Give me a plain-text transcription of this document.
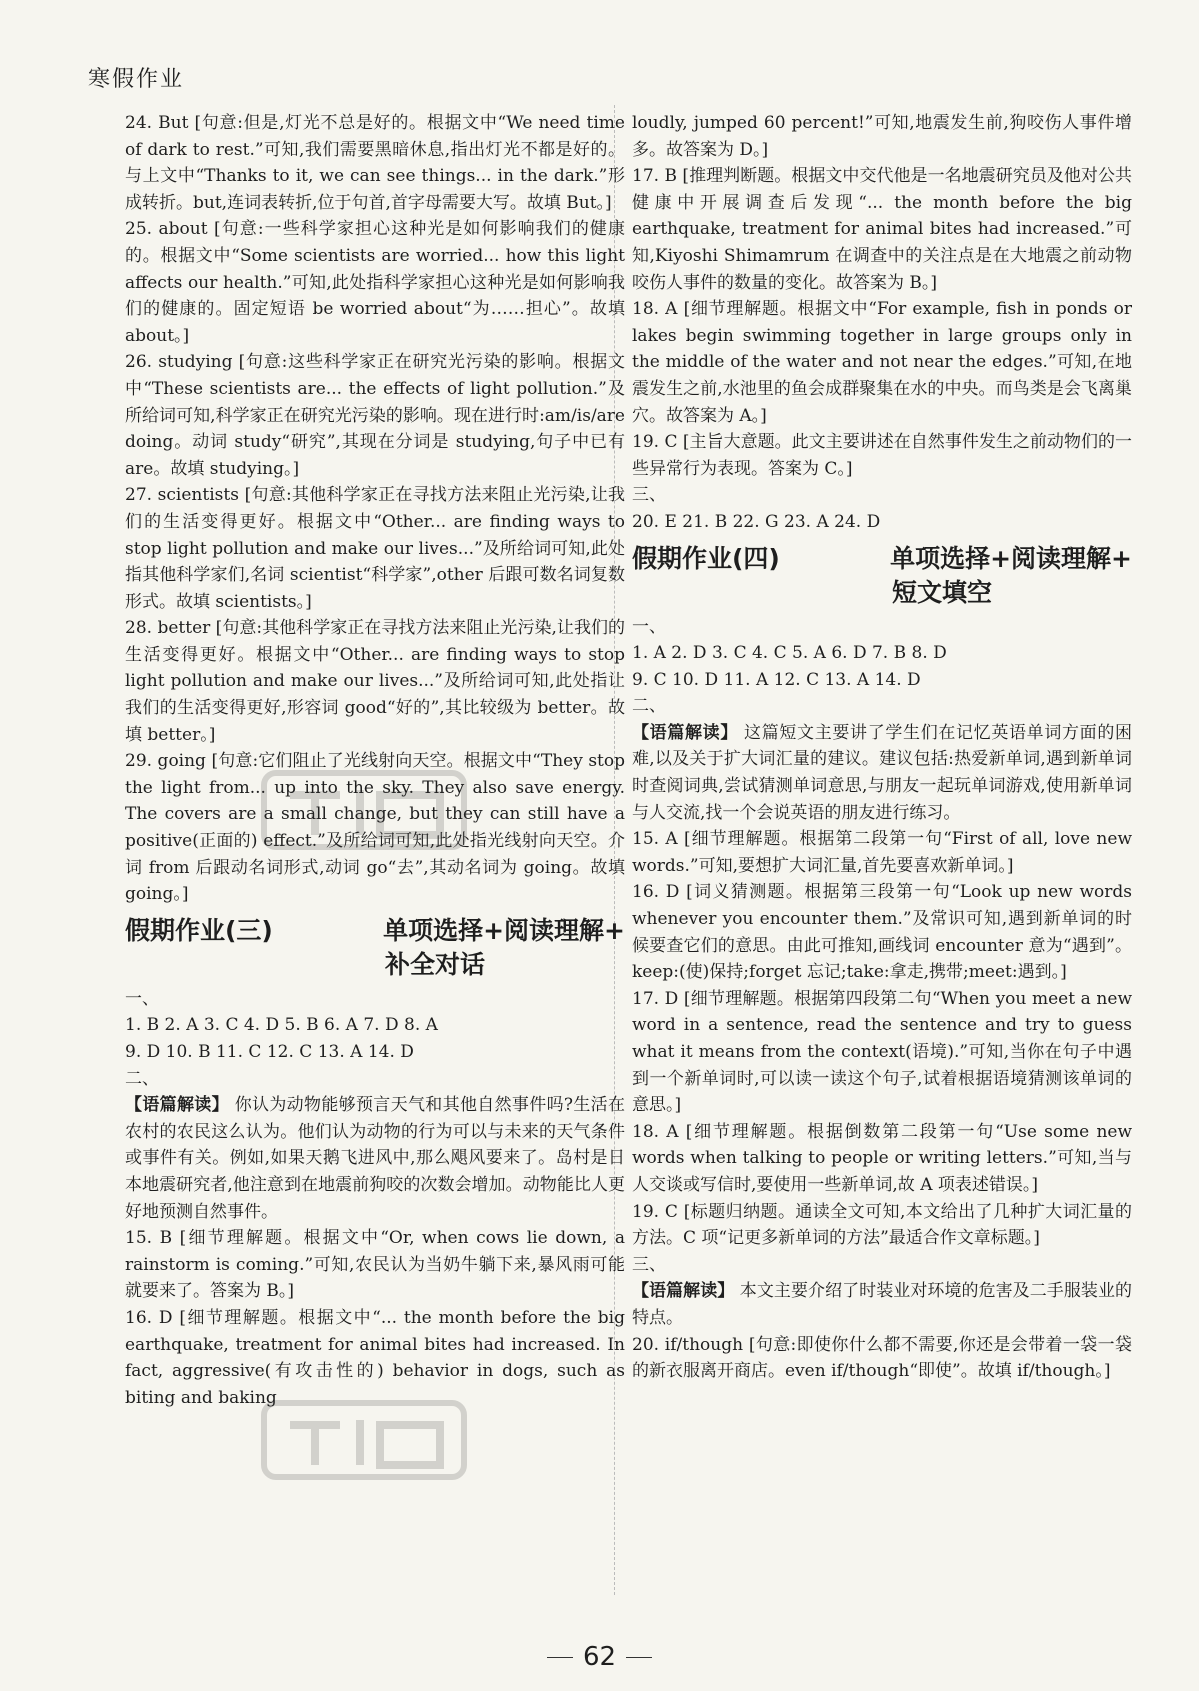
寒假作业

24. But [句意:但是,灯光不总是好的。根据文中“We need time of dark to rest.”可知,我们需要黑暗休息,指出灯光不都是好的。与上文中“Thanks to it, we can see things... in the dark.”形成转折。but,连词表转折,位于句首,首字母需要大写。故填 But。]

25. about [句意:一些科学家担心这种光是如何影响我们的健康的。根据文中“Some scientists are worried... how this light affects our health.”可知,此处指科学家担心这种光是如何影响我们的健康的。固定短语 be worried about“为……担心”。故填 about。]

26. studying [句意:这些科学家正在研究光污染的影响。根据文中“These scientists are... the effects of light pollution.”及所给词可知,科学家正在研究光污染的影响。现在进行时:am/is/are doing。动词 study“研究”,其现在分词是 studying,句子中已有 are。故填 studying。]

27. scientists [句意:其他科学家正在寻找方法来阻止光污染,让我们的生活变得更好。根据文中“Other... are finding ways to stop light pollution and make our lives...”及所给词可知,此处指其他科学家们,名词 scientist“科学家”,other 后跟可数名词复数形式。故填 scientists。]

28. better [句意:其他科学家正在寻找方法来阻止光污染,让我们的生活变得更好。根据文中“Other... are finding ways to stop light pollution and make our lives...”及所给词可知,此处指让我们的生活变得更好,形容词 good“好的”,其比较级为 better。故填 better。]

29. going [句意:它们阻止了光线射向天空。根据文中“They stop the light from... up into the sky. They also save energy. The covers are a small change, but they can still have a positive(正面的) effect.”及所给词可知,此处指光线射向天空。介词 from 后跟动名词形式,动词 go“去”,其动名词为 going。故填 going。]

假期作业(三)	单项选择+阅读理解+
补全对话

一、

1. B 2. A 3. C 4. D 5. B 6. A 7. D 8. A

9. D 10. B 11. C 12. C 13. A 14. D

二、

【语篇解读】 你认为动物能够预言天气和其他自然事件吗?生活在农村的农民这么认为。他们认为动物的行为可以与未来的天气条件或事件有关。例如,如果天鹅飞进风中,那么飓风要来了。岛村是日本地震研究者,他注意到在地震前狗咬的次数会增加。动物能比人更好地预测自然事件。

15. B [细节理解题。根据文中“Or, when cows lie down, a rainstorm is coming.”可知,农民认为当奶牛躺下来,暴风雨可能就要来了。答案为 B。]

16. D [细节理解题。根据文中“... the month before the big earthquake, treatment for animal bites had increased. In fact, aggressive(有攻击性的) behavior in dogs, such as biting and baking

loudly, jumped 60 percent!”可知,地震发生前,狗咬伤人事件增多。故答案为 D。]

17. B [推理判断题。根据文中交代他是一名地震研究员及他对公共健康中开展调查后发现“... the month before the big earthquake, treatment for animal bites had increased.”可知,Kiyoshi Shimamrum 在调查中的关注点是在大地震之前动物咬伤人事件的数量的变化。故答案为 B。]

18. A [细节理解题。根据文中“For example, fish in ponds or lakes begin swimming together in large groups only in the middle of the water and not near the edges.”可知,在地震发生之前,水池里的鱼会成群聚集在水的中央。而鸟类是会飞离巢穴。故答案为 A。]

19. C [主旨大意题。此文主要讲述在自然事件发生之前动物们的一些异常行为表现。答案为 C。]

三、

20. E 21. B 22. G 23. A 24. D

假期作业(四)	单项选择+阅读理解+
短文填空

一、

1. A 2. D 3. C 4. C 5. A 6. D 7. B 8. D

9. C 10. D 11. A 12. C 13. A 14. D

二、

【语篇解读】 这篇短文主要讲了学生们在记忆英语单词方面的困难,以及关于扩大词汇量的建议。建议包括:热爱新单词,遇到新单词时查阅词典,尝试猜测单词意思,与朋友一起玩单词游戏,使用新单词与人交流,找一个会说英语的朋友进行练习。

15. A [细节理解题。根据第二段第一句“First of all, love new words.”可知,要想扩大词汇量,首先要喜欢新单词。]

16. D [词义猜测题。根据第三段第一句“Look up new words whenever you encounter them.”及常识可知,遇到新单词的时候要查它们的意思。由此可推知,画线词 encounter 意为“遇到”。keep:(使)保持;forget 忘记;take:拿走,携带;meet:遇到。]

17. D [细节理解题。根据第四段第二句“When you meet a new word in a sentence, read the sentence and try to guess what it means from the context(语境).”可知,当你在句子中遇到一个新单词时,可以读一读这个句子,试着根据语境猜测该单词的意思。]

18. A [细节理解题。根据倒数第二段第一句“Use some new words when talking to people or writing letters.”可知,当与人交谈或写信时,要使用一些新单词,故 A 项表述错误。]

19. C [标题归纳题。通读全文可知,本文给出了几种扩大词汇量的方法。C 项“记更多新单词的方法”最适合作文章标题。]

三、

【语篇解读】 本文主要介绍了时装业对环境的危害及二手服装业的特点。

20. if/though [句意:即使你什么都不需要,你还是会带着一袋一袋的新衣服离开商店。even if/though“即使”。故填 if/though。]

62
